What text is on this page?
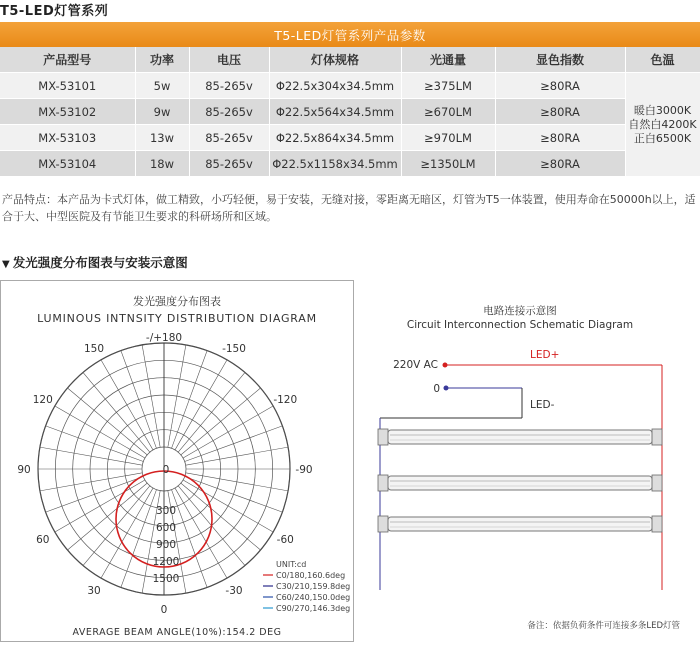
T5-LED灯管系列
T5-LED灯管系列产品参数						
产品型号	功率	电压	灯体规格	光通量	显色指数	色温
MX-53101	5w	85-265v	Φ22.5x304x34.5mm	≥375LM	≥80RA	暖白3000K
自然白4200K
正白6500K

MX-53102	9w	85-265v	Φ22.5x564x34.5mm	≥670LM	≥80RA	
MX-53103	13w	85-265v	Φ22.5x864x34.5mm	≥970LM	≥80RA	
MX-53104	18w	85-265v	Φ22.5x1158x34.5mm	≥1350LM	≥80RA	
产品特点：本产品为卡式灯体，做工精致，小巧轻便，易于安装，无缝对接，零距离无暗区，灯管为T5一体装置，使用寿命在50000h以上，适合于大、中型医院及有节能卫生要求的科研场所和区域。
▼ 发光强度分布图表与安装示意图
发光强度分布图表
LUMINOUS INTNSITY DISTRIBUTION DIAGRAM
-/+180
-150
150
-120
120
-90
90
-60
60
-30
30
0
0
300
600
900
1200
1500
UNIT:cd
C0/180,160.6deg
C30/210,159.8deg
C60/240,150.0deg
C90/270,146.3deg
AVERAGE BEAM ANGLE(10%):154.2 DEG
电路连接示意图
Circuit Interconnection Schematic Diagram
220V AC
0
LED+
LED-
备注：依据负荷条件可连接多条LED灯管
